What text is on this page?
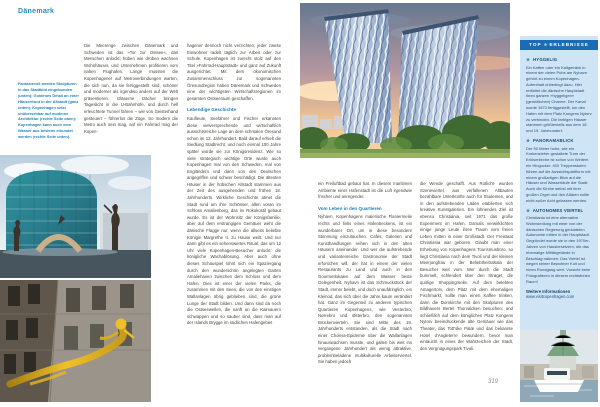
Dänemark
Fantasievoll werden Skulpturen in das Stadtbild eingebunden (unten); Goldenes Detail an einer Häuserfront in der Altstadt (ganz unten); Kopenhagen setzt unübersehbar auf moderne Architektur (rechte Seite oben); Kopenhagen kann auch vom Wasser aus bestens erkundet werden (rechte Seite unten).

Die Meerenge zwischen Dänemark und Schweden ist das »Tor zur Ostsee«, das Menschen anlockt; hüben wie drüben wachsen Wohnhäuser, und Unternehmen profitieren vom nahen Flughafen. Lange mussten die Kopenhagener auf Metroverbindungen warten, die sich nun, da sie fertiggestellt sind, schöner und moderner als irgendwo anders auf der Welt präsentieren. Gläserne Dächer bringen Tageslicht in die U-Bahnhöfe, und durch hell erleuchtete Tunnel fahren – wie von Geisterhand gesteuert – führerlos die Züge. So modern die Metro auch sein mag, auf ein Fahrrad mag der Kopen-

hagener dennoch nicht verzichten; jeder zweite Einwohner radelt täglich zur Arbeit oder zur Schule. Kopenhagen ist zurecht stolz auf den Titel »Fahrrad-Hauptstadt« und ganz auf Zukunft ausgerichtet. Mit dem ökonomischen Zusammenschluss zur sogenannten Öresundregion haben Dänemark und Schweden eine der wichtigsten Wirtschaftsregionen im gesamten Ostseeraum geschaffen.

Lebendige Geschichte

Kaufleute, Seefahrer und Fischer erkannten diese vielversprechende und wirtschaftlich aussichtsreiche Lage an dem schmalen Öresund schon im 12. Jahrhundert. Bald darauf erhielt die Siedlung Stadtrecht, und noch einmal 100 Jahre später wurde sie zur Königsresidenz. Wie so viele strategisch wichtige Orte wurde auch Kopenhagen mal von den Schweden, mal von Engländern und dann von den Deutschen angegriffen und schwer beschädigt. Die ältesten Häuser in der hübschen Altstadt stammen aus der Zeit des ausgehenden und frühen 18. Jahrhunderts. Wirkliche Geschichte atmet die Stadt rund um ihre Schlösser, allen voran im Schloss Amalienborg, das im Rokokostil gebaut wurde. Es ist der Wohnsitz der Königsfamilie, aber auf dem erstrangigen Gemäuer weht die dänische Flagge nur, wenn die allseits beliebte Königin Margrethe II. zu Hause weilt. Und nur dann gibt es ein sehenswertes Ritual, das um 12 Uhr viele Kopenhagen-Besucher anlockt: die königliche Wachablösung. Aber auch ohne dieses Schauspiel lohnt sich ein Spaziergang durch den wunderschön angelegten Garten Amaliehaven zwischen dem Schloss und dem Hafen. Dies ist einer der vielen Parks, die zusammen mit den Seen, die von den einstigen Wallanlagen übrig geblieben sind, die grüne Lunge der Stadt bilden. Und dann sind da noch die Ostseewellen, die sanft an die Kaimauern schwappen und so sauber sind, dass man auf der Islands Brygge im südlichen Hafengebiet

ein Freiluftbad gebaut hat. In diesem maritimen Ambiente einer Hafenstadt ist die Luft irgendwie frischer und anregender.

Vom Leben in den Quartieren

Nyhavn, Kopenhagens malerische Flaniermeile rechts und links eines Hafenbeckens, ist ein wunderbarer Ort, um in diese besondere Stimmung einzutauchen. Cafés, Galerien und Kunsthandlungen reihen sich in den alten Häusern aneinander. Und wer die aufstrebende und variantenreiche Gastronomie der Stadt erforschen will, der hat in einem der vielen Restaurants zu Land und auch in den Gourmetlokalen auf dem Wasser beste Gelegenheit. Nyhavn ist das Schmuckstück der Stadt, immer belebt, und doch unaufdringlich, ein Kleinod, das sich über die Jahre kaum verändert hat. Ganz im Gegenteil zu anderen typischen Quartieren Kopenhagens, wie Vesterbro, Nørrebro und Østerbro, den sogenannten Brückenvierteln. Sie sind Mitte des 19. Jahrhunderts entstanden, als die Stadt nach einer Cholera-Epidemie über die Wallanlagen hinauswachsen musste, und galten bis weit ins vergangene Jahrhundert als wenig attraktive, problembeladene multikulturelle Arbeiterviertel. Sie haben jedoch

die Wende geschafft. Aus Rotlicht- wurden Szeneviertel, aus verfallenen Altbauten bezahlbare Unterkünfte auch für Studenten, und in den aufstrebenden Läden etablierten sich kreative Kunstgalerien. Ein lohnendes Ziel ist ebenso Christiania, seit 1971 das große Experiment im Hafen. Damals verwirklichten einige junge Leute ihren Traum vom freien Leben mitten in einer Großstadt. Der Freistaat Christiania war geboren. Glaubt man einer Erhebung von Kopenhagens Tourismusbüro, so liegt Christiania nach dem Tivoli und der kleinen Meerjungfrau in der Beliebtheitsskala der Besucher weit vorn. Wer durch die Stadt bummelt, schlendert über den Strøget, die quirlige Shoppingmeile. Auf dem belebten Amagertorv, dem Platz mit dem ehemaligen Fischmarkt, sollte man einen Kaffee trinken, dann die Domkirche mit den Skulpturen des Bildhauers Bertel Thorvaldsen besuchen; und schließlich auf dem königlichen Platz Kongens Nytorv beeindruckende alte Gemäuer wie das Theater, das Tott'ske Palæ und das bekannte Hotel d'Angleterre bewundern, bevor man eintaucht in eines der Wahrzeichen der Stadt, den Vergnügungspark Tivoli.

319
TOP ★ ERLEBNISSE
★ HYGGELIG
Ein Kaffee oder ein Kaltgetränk in einem der vielen Pubs am Nyhavn gehört zu einem Kopenhagen-Aufenthalt unbedingt dazu. Hier entfaltet die dänische Hauptstadt ihren ganzen »hyggeligen« (gemütlichen) Charme. Der Kanal wurde 1673 fertiggestellt, um den Hafen mit dem Platz Kongens Nytorv zu verbinden. Die farbigen Häuser stammen größtenteils aus dem 18. und 19. Jahrhundert.
★ PANORAMABLICK
Der 90 Meter hohe, wie ein Korkenzieher gestaltete Turm der Erlöserkirche ist schon von Weitem ein Hingucker. 400 Treppenstufen führen auf die Aussichtsplattform mit einem großartigen Blick auf die Häuser und Wasserläufe der Stadt. Auch die Kirche selbst mit ihrer großen Orgel und den Altären sollte nicht außer Acht gelassen werden.
★ AUTONOMES VIERTEL
Christiania ist eine alternative Wohnsiedlung mit einer von der dänischen Regierung geduldeten Autonomie mitten in der Hauptstadt. Gegründet wurde sie in den 1970er-Jahren von Hausbesetzern, die das ehemalige Militärgelände in Beschlag nahmen. Das Viertel ist wegen seiner Bewohner Kult und einen Rundgang wert. Vorsicht beim Fotografieren in diesem rechtsfreien Raum!
Weitere Informationen
www.visitcopenhagen.com
